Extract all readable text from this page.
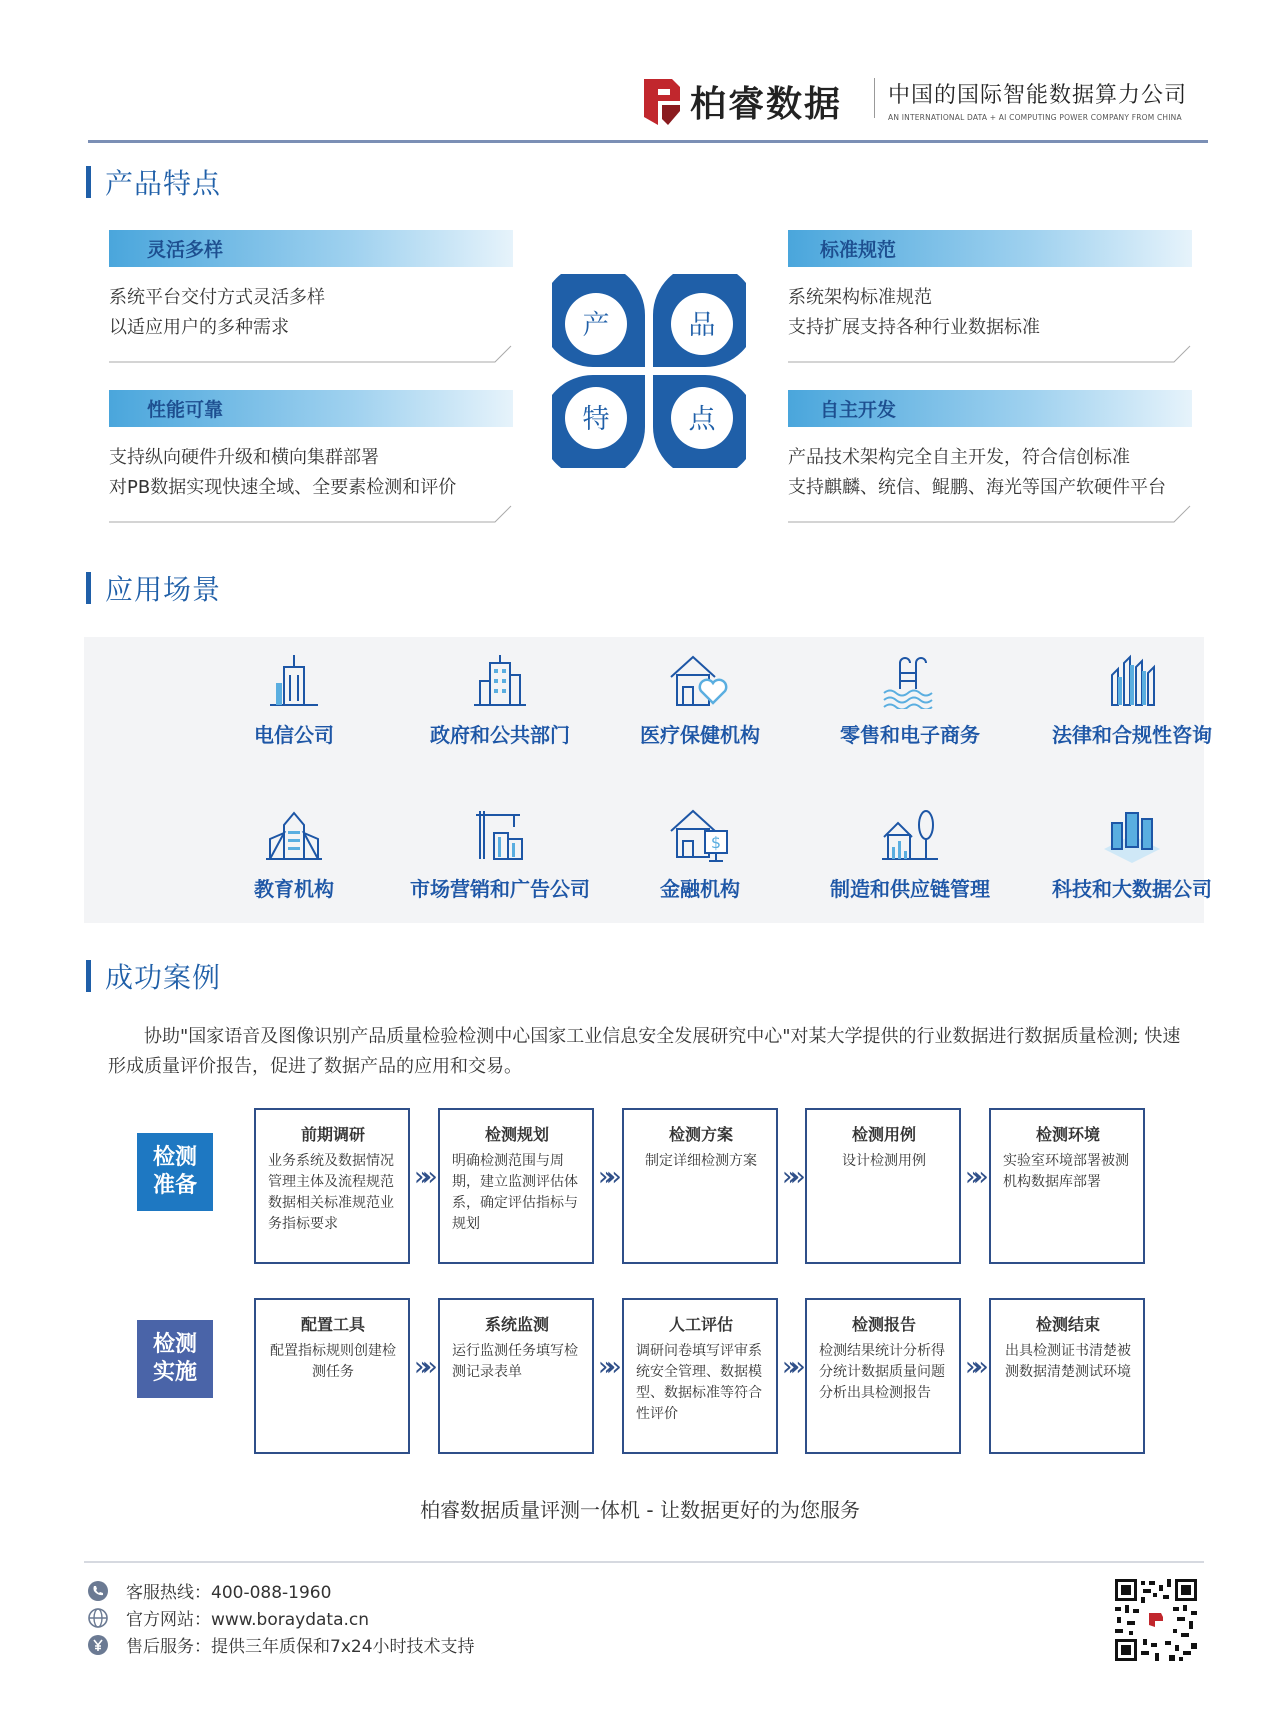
柏睿数据 中国的国际智能数据算力公司
AN INTERNATIONAL DATA + AI COMPUTING POWER COMPANY FROM CHINA
产品特点
灵活多样
系统平台交付方式灵活多样
以适应用户的多种需求
标准规范
系统架构标准规范
支持扩展支持各种行业数据标准
性能可靠
支持纵向硬件升级和横向集群部署
对PB数据实现快速全域、全要素检测和评价
自主开发
产品技术架构完全自主开发，符合信创标准
支持麒麟、统信、鲲鹏、海光等国产软硬件平台
产	品
特	点
应用场景
电信公司	政府和公共部门	医疗保健机构	零售和电子商务	法律和合规性咨询
教育机构	市场营销和广告公司
$
金融机构	制造和供应链管理	科技和大数据公司
成功案例
协助"国家语音及图像识别产品质量检验检测中心国家工业信息安全发展研究中心"对某大学提供的行业数据进行数据质量检测; 快速形成质量评价报告，促进了数据产品的应用和交易。
检测
准备
前期调研
业务系统及数据情况管理主体及流程规范数据相关标准规范业务指标要求
»»
检测规划
明确检测范围与周期，建立监测评估体系，确定评估指标与规划
»»
检测方案
制定详细检测方案
»»
检测用例
设计检测用例
»»
检测环境
实验室环境部署被测机构数据库部署
检测
实施
配置工具
配置指标规则创建检测任务	»»
系统监测
运行监测任务填写检测记录表单	»»
人工评估
调研问卷填写评审系统安全管理、数据模型、数据标准等符合性评价
»»
检测报告
检测结果统计分析得分统计数据质量问题分析出具检测报告
»»
检测结束
出具检测证书清楚被测数据清楚测试环境
柏睿数据质量评测一体机 - 让数据更好的为您服务
客服热线：400-088-1960
官方网站：www.boraydata.cn
售后服务：提供三年质保和7x24小时技术支持
